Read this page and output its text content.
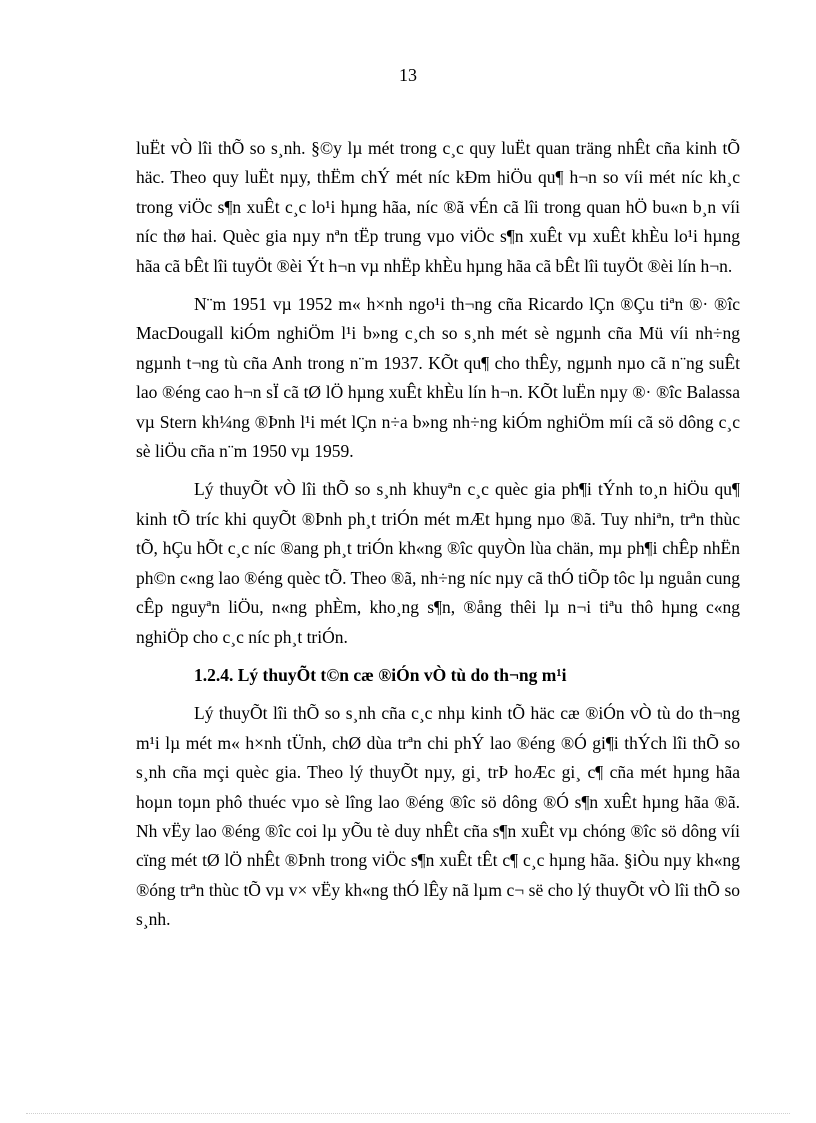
13

luËt vÒ lîi thÕ so s¸nh. §©y lµ mét trong c¸c quy luËt quan träng nhÊt cña kinh tÕ häc. Theo quy luËt nµy, thËm chÝ mét níc kÐm hiÖu qu¶ h¬n so víi mét níc kh¸c trong viÖc s¶n xuÊt c¸c lo¹i hµng hãa, níc ®ã vÉn cã lîi trong quan hÖ bu«n b¸n víi níc thø hai. Quèc gia nµy nªn tËp trung vµo viÖc s¶n xuÊt vµ xuÊt khÈu lo¹i hµng hãa cã bÊt lîi tuyÖt ®èi Ýt h¬n vµ nhËp khÈu hµng hãa cã bÊt lîi tuyÖt ®èi lín h¬n.

N¨m 1951 vµ 1952 m« h×nh ngo¹i th¬ng cña Ricardo lÇn ®Çu tiªn ®· ®îc MacDougall kiÓm nghiÖm l¹i b»ng c¸ch so s¸nh mét sè ngµnh cña Mü víi nh÷ng ngµnh t¬ng tù cña Anh trong n¨m 1937. KÕt qu¶ cho thÊy, ngµnh nµo cã n¨ng suÊt lao ®éng cao h¬n sÏ cã tØ lÖ hµng xuÊt khÈu lín h¬n. KÕt luËn nµy ®· ®îc Balassa vµ Stern kh¼ng ®Þnh l¹i mét lÇn n÷a b»ng nh÷ng kiÓm nghiÖm míi cã sö dông c¸c sè liÖu cña n¨m 1950 vµ 1959.

Lý thuyÕt vÒ lîi thÕ so s¸nh khuyªn c¸c quèc gia ph¶i tÝnh to¸n hiÖu qu¶ kinh tÕ tríc khi quyÕt ®Þnh ph¸t triÓn mét mÆt hµng nµo ®ã. Tuy nhiªn, trªn thùc tÕ, hÇu hÕt c¸c níc ®ang ph¸t triÓn kh«ng ®îc quyÒn lùa chän, mµ ph¶i chÊp nhËn ph©n c«ng lao ®éng quèc tÕ. Theo ®ã, nh÷ng níc nµy cã thÓ tiÕp tôc lµ nguån cung cÊp nguyªn liÖu, n«ng phÈm, kho¸ng s¶n, ®ång thêi lµ n¬i tiªu thô hµng c«ng nghiÖp cho c¸c níc ph¸t triÓn.

1.2.4. Lý thuyÕt t©n cæ ®iÓn vÒ tù do th¬ng m¹i

Lý thuyÕt lîi thÕ so s¸nh cña c¸c nhµ kinh tÕ häc cæ ®iÓn vÒ tù do th¬ng m¹i lµ mét m« h×nh tÜnh, chØ dùa trªn chi phÝ lao ®éng ®Ó gi¶i thÝch lîi thÕ so s¸nh cña mçi quèc gia. Theo lý thuyÕt nµy, gi¸ trÞ hoÆc gi¸ c¶ cña mét hµng hãa hoµn toµn phô thuéc vµo sè lîng lao ®éng ®îc sö dông ®Ó s¶n xuÊt hµng hãa ®ã. Nh vËy lao ®éng ®îc coi lµ yÕu tè duy nhÊt cña s¶n xuÊt vµ chóng ®îc sö dông víi cïng mét tØ lÖ nhÊt ®Þnh trong viÖc s¶n xuÊt tÊt c¶ c¸c hµng hãa. §iÒu nµy kh«ng ®óng trªn thùc tÕ vµ v× vËy kh«ng thÓ lÊy nã lµm c¬ së cho lý thuyÕt vÒ lîi thÕ so s¸nh.
